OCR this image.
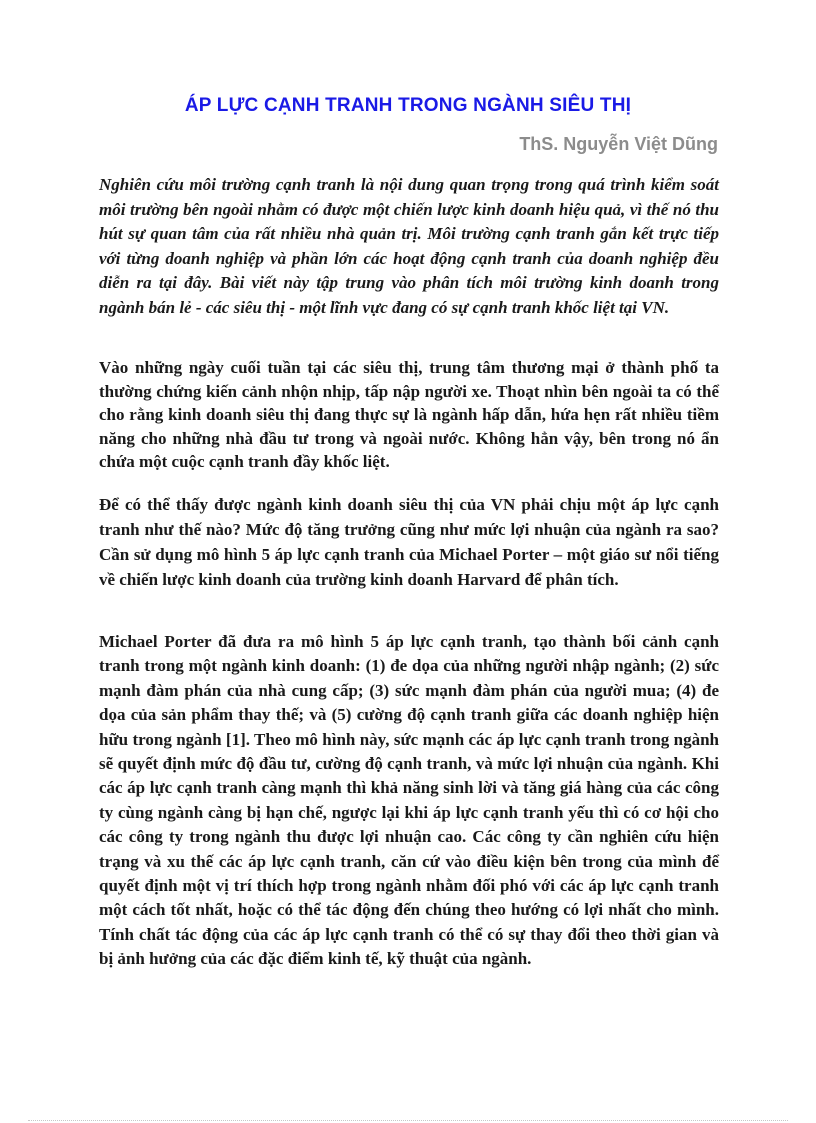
ÁP LỰC CẠNH TRANH TRONG NGÀNH SIÊU THỊ
ThS. Nguyễn Việt Dũng

Nghiên cứu môi trường cạnh tranh là nội dung quan trọng trong quá trình kiểm soát môi trường bên ngoài nhằm có được một chiến lược kinh doanh hiệu quả, vì thế nó thu hút sự quan tâm của rất nhiều nhà quản trị. Môi trường cạnh tranh gắn kết trực tiếp với từng doanh nghiệp và phần lớn các hoạt động cạnh tranh của doanh nghiệp đều diễn ra tại đây. Bài viết này tập trung vào phân tích môi trường kinh doanh trong ngành bán lẻ - các siêu thị - một lĩnh vực đang có sự cạnh tranh khốc liệt tại VN.

Vào những ngày cuối tuần tại các siêu thị, trung tâm thương mại ở thành phố ta thường chứng kiến cảnh nhộn nhịp, tấp nập người xe. Thoạt nhìn bên ngoài ta có thể cho rằng kinh doanh siêu thị đang thực sự là ngành hấp dẫn, hứa hẹn rất nhiều tiềm năng cho những nhà đầu tư trong và ngoài nước. Không hẳn vậy, bên trong nó ẩn chứa một cuộc cạnh tranh đầy khốc liệt.

Để có thể thấy được ngành kinh doanh siêu thị của VN phải chịu một áp lực cạnh tranh như thế nào? Mức độ tăng trưởng cũng như mức lợi nhuận của ngành ra sao? Cần sử dụng mô hình 5 áp lực cạnh tranh của Michael Porter – một giáo sư nổi tiếng về chiến lược kinh doanh của trường kinh doanh Harvard để phân tích.

Michael Porter đã đưa ra mô hình 5 áp lực cạnh tranh, tạo thành bối cảnh cạnh tranh trong một ngành kinh doanh: (1) đe dọa của những người nhập ngành; (2) sức mạnh đàm phán của nhà cung cấp; (3) sức mạnh đàm phán của người mua; (4) đe dọa của sản phẩm thay thế; và (5) cường độ cạnh tranh giữa các doanh nghiệp hiện hữu trong ngành [1]. Theo mô hình này, sức mạnh các áp lực cạnh tranh trong ngành sẽ quyết định mức độ đầu tư, cường độ cạnh tranh, và mức lợi nhuận của ngành. Khi các áp lực cạnh tranh càng mạnh thì khả năng sinh lời và tăng giá hàng của các công ty cùng ngành càng bị hạn chế, ngược lại khi áp lực cạnh tranh yếu thì có cơ hội cho các công ty trong ngành thu được lợi nhuận cao. Các công ty cần nghiên cứu hiện trạng và xu thế các áp lực cạnh tranh, căn cứ vào điều kiện bên trong của mình để quyết định một vị trí thích hợp trong ngành nhằm đối phó với các áp lực cạnh tranh một cách tốt nhất, hoặc có thể tác động đến chúng theo hướng có lợi nhất cho mình. Tính chất tác động của các áp lực cạnh tranh có thể có sự thay đổi theo thời gian và bị ảnh hưởng của các đặc điểm kinh tế, kỹ thuật của ngành.
